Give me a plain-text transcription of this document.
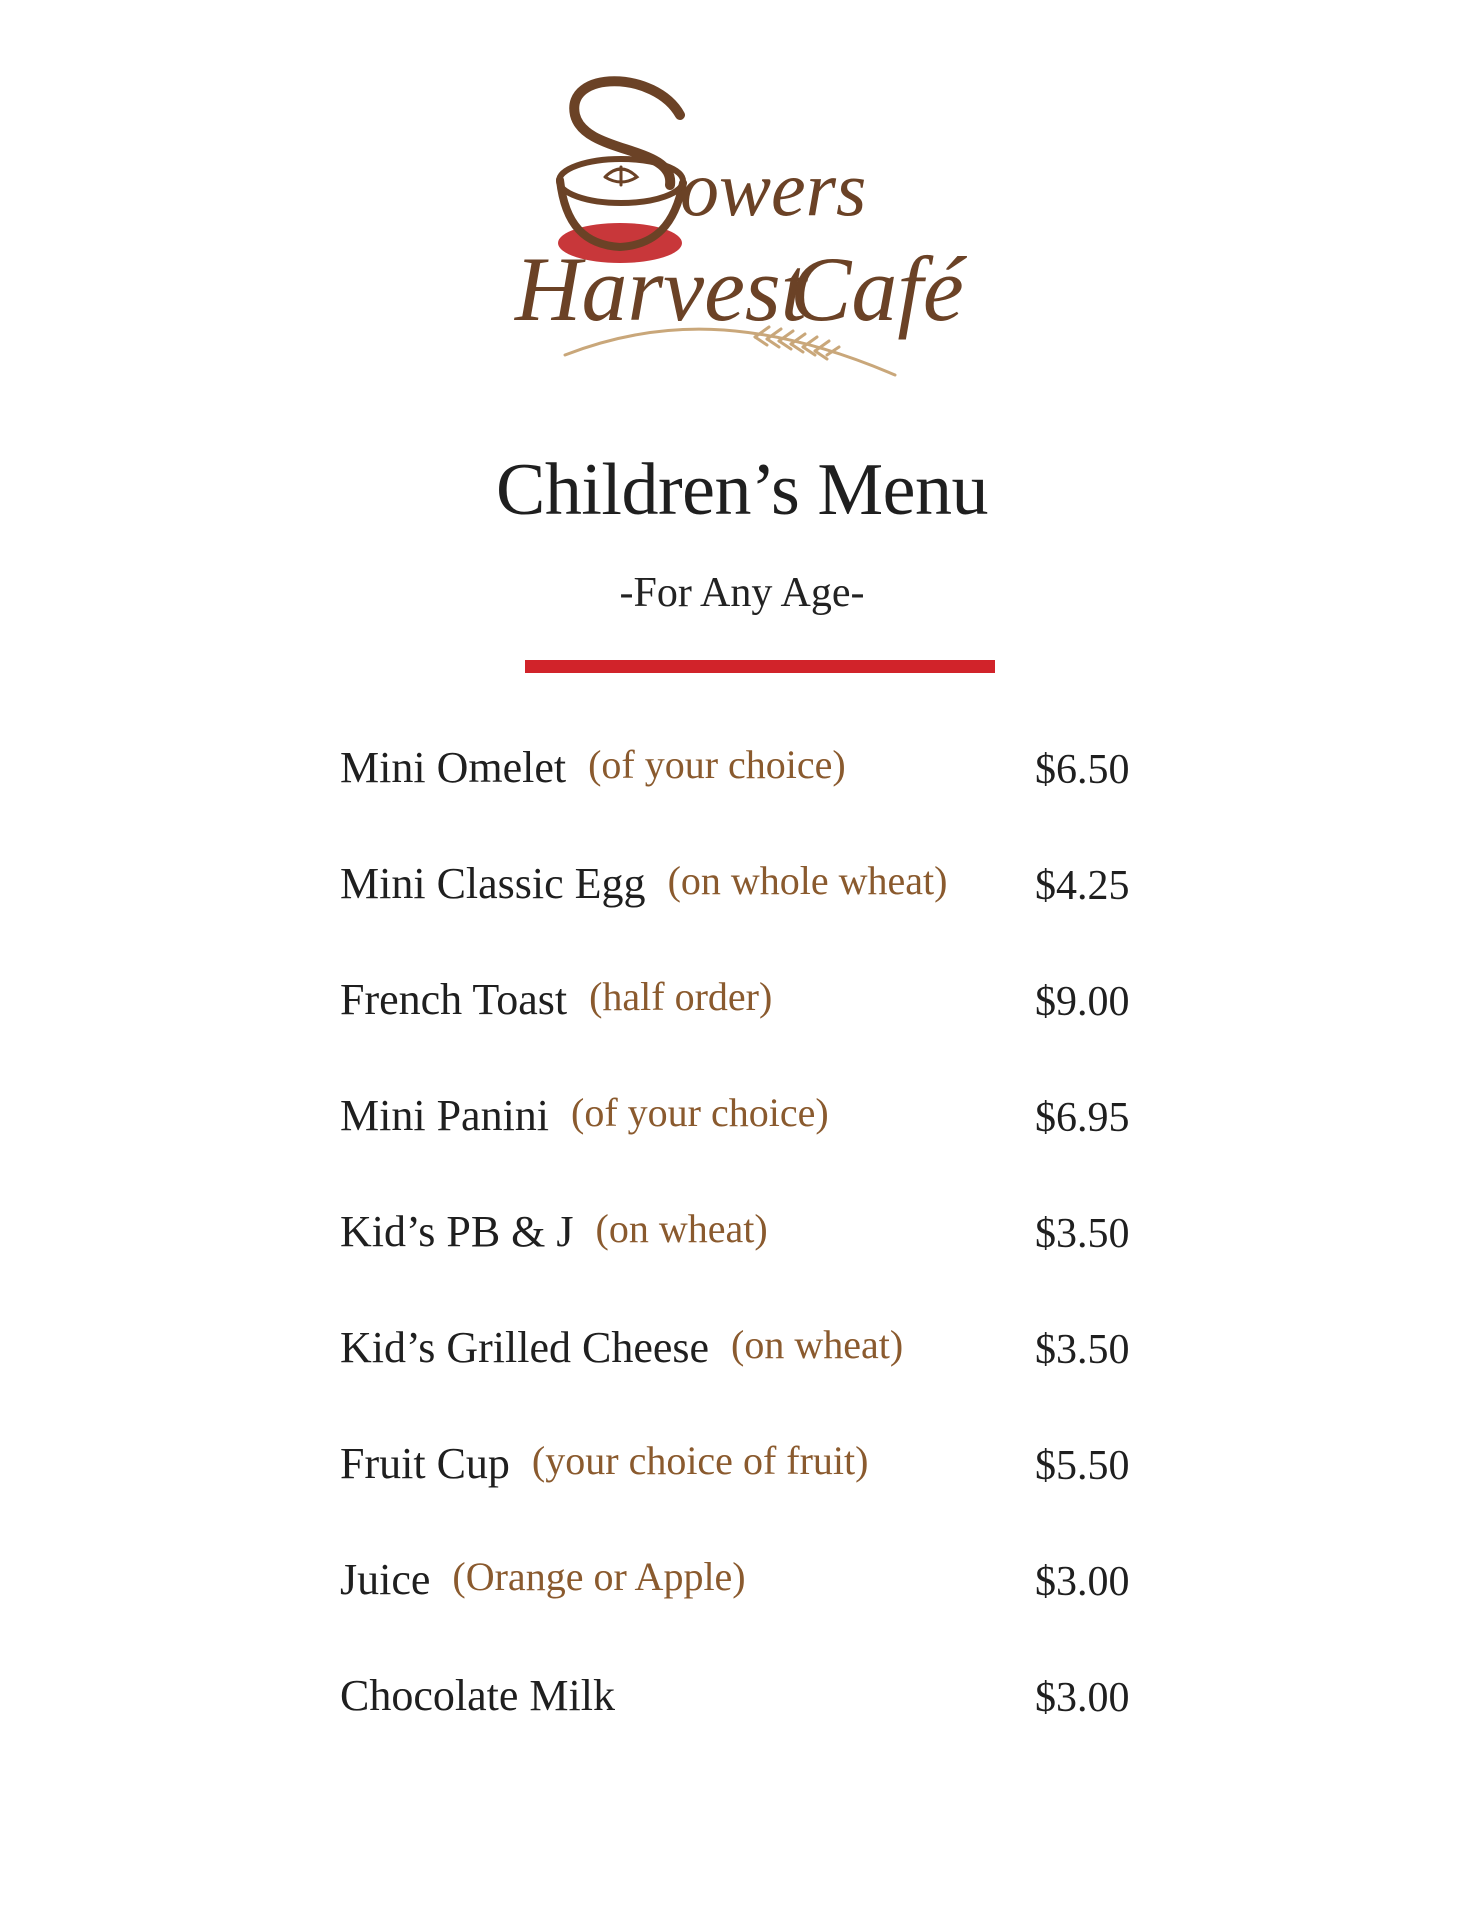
owers
Harvest
Café
Children’s Menu
-For Any Age-
Mini Omelet (of your choice)	$6.50
Mini Classic Egg (on whole wheat) $4.25
French Toast (half order)	$9.00
Mini Panini (of your choice)	$6.95
Kid’s PB & J (on wheat)	$3.50
Kid’s Grilled Cheese (on wheat)	$3.50
Fruit Cup (your choice of fruit)	$5.50
Juice (Orange or Apple)	$3.00
Chocolate Milk	$3.00
